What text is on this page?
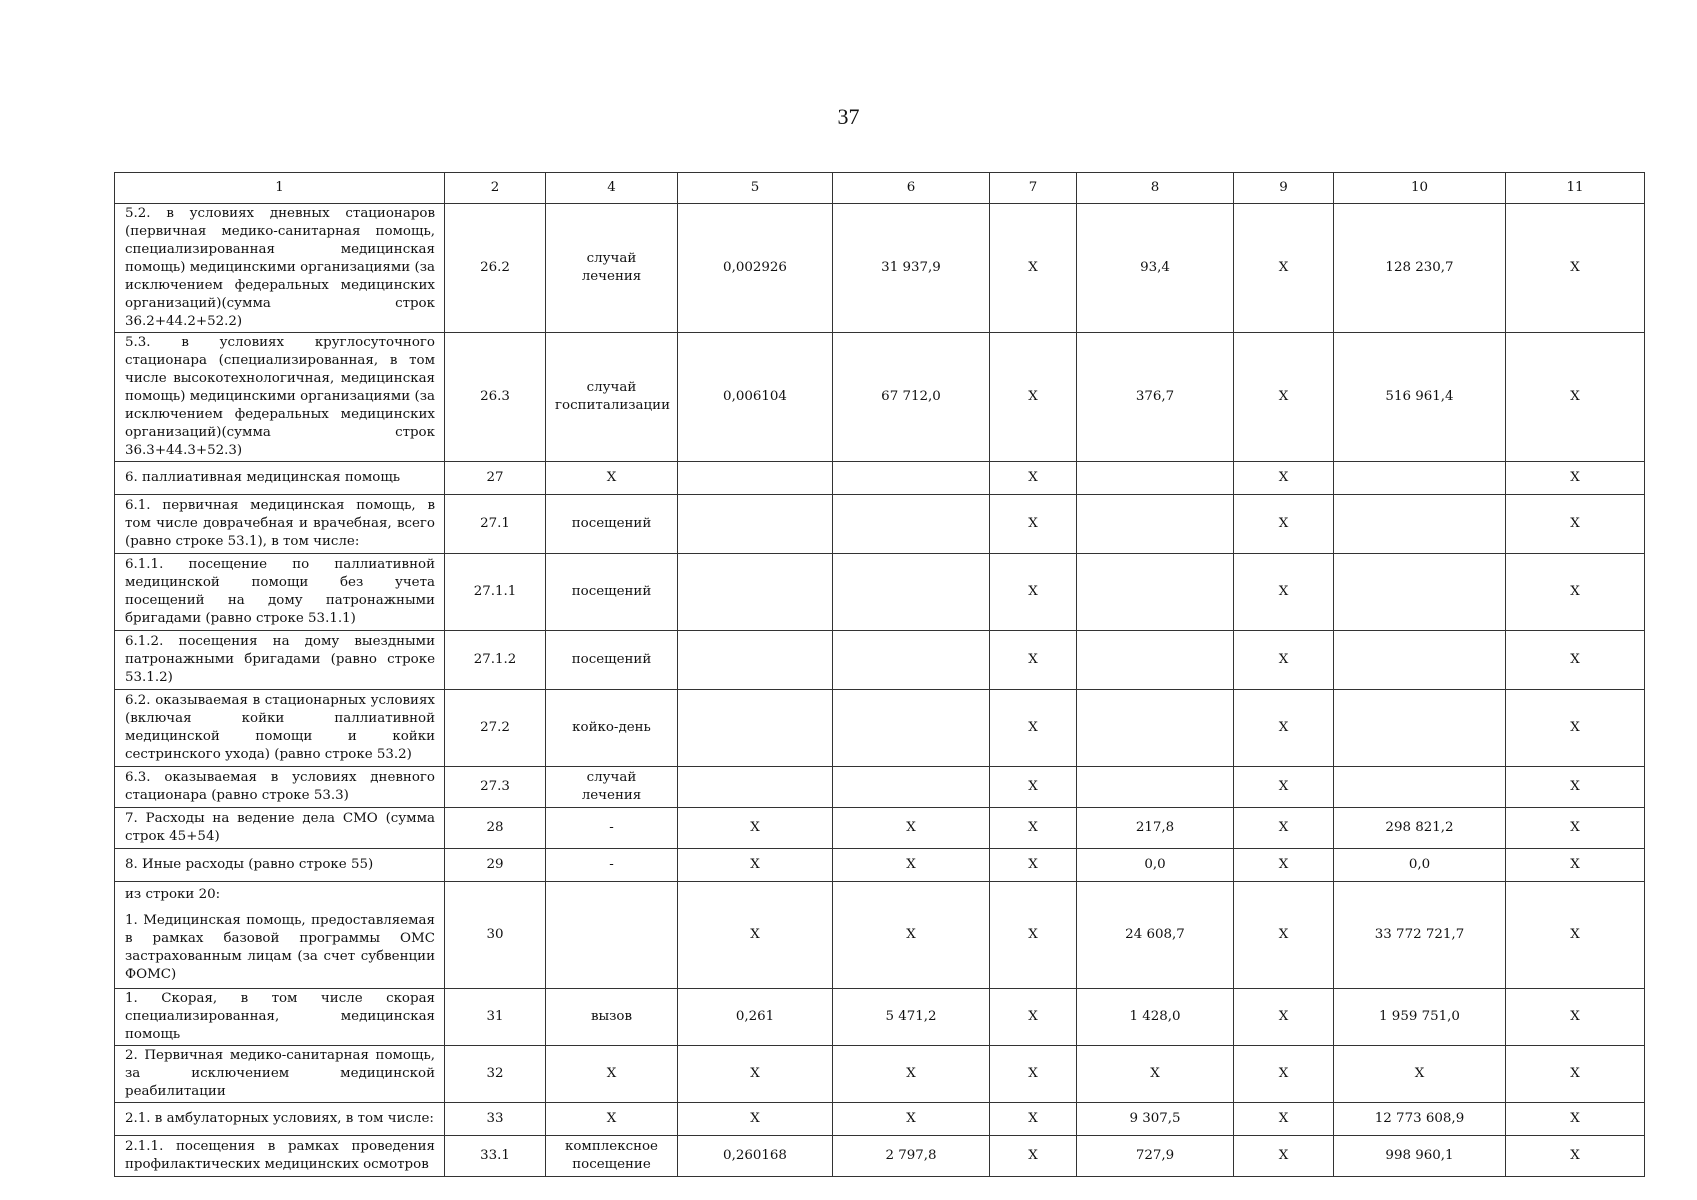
37
1	2	4	5	6	7	8	9	10	11
5.2. в условиях дневных стационаров (первичная медико-санитарная помощь, специализированная медицинская помощь) медицинскими организациями (за исключением федеральных медицинских организаций)(сумма строк 36.2+44.2+52.2)	26.2	случай лечения	0,002926	31 937,9	Х	93,4	Х	128 230,7	Х
5.3. в условиях круглосуточного стационара (специализированная, в том числе высокотехнологичная, медицинская помощь) медицинскими организациями (за исключением федеральных медицинских организаций)(сумма строк 36.3+44.3+52.3)	26.3	случай госпитализации	0,006104	67 712,0	Х	376,7	Х	516 961,4	Х
6. паллиативная медицинская помощь	27	Х			Х		Х		Х
6.1. первичная медицинская помощь, в том числе доврачебная и врачебная, всего (равно строке 53.1), в том числе:	27.1	посещений			Х		Х		Х
6.1.1. посещение по паллиативной медицинской помощи без учета посещений на дому патронажными бригадами (равно строке 53.1.1)	27.1.1	посещений			Х		Х		Х
6.1.2. посещения на дому выездными патронажными бригадами (равно строке 53.1.2)	27.1.2	посещений			Х		Х		Х
6.2. оказываемая в стационарных условиях (включая койки паллиативной медицинской помощи и койки сестринского ухода) (равно строке 53.2)	27.2	койко-день			Х		Х		Х
6.3. оказываемая в условиях дневного стационара (равно строке 53.3)	27.3	случай лечения			Х		Х		Х
7. Расходы на ведение дела СМО (сумма строк 45+54)	28	-	Х	Х	Х	217,8	Х	298 821,2	Х
8. Иные расходы (равно строке 55)	29	-	Х	Х	Х	0,0	Х	0,0	Х
из строки 20:
1. Медицинская помощь, предоставляемая в рамках базовой программы ОМС застрахованным лицам (за счет субвенции ФОМС)	30		Х	Х	Х	24 608,7	Х	33 772 721,7	Х
1. Скорая, в том числе скорая специализированная, медицинская помощь	31	вызов	0,261	5 471,2	Х	1 428,0	Х	1 959 751,0	Х
2. Первичная медико-санитарная помощь, за исключением медицинской реабилитации	32	Х	Х	Х	Х	Х	Х	Х	Х
2.1. в амбулаторных условиях, в том числе:	33	Х	Х	Х	Х	9 307,5	Х	12 773 608,9	Х
2.1.1. посещения в рамках проведения профилактических медицинских осмотров	33.1	комплексное посещение	0,260168	2 797,8	Х	727,9	Х	998 960,1	Х
